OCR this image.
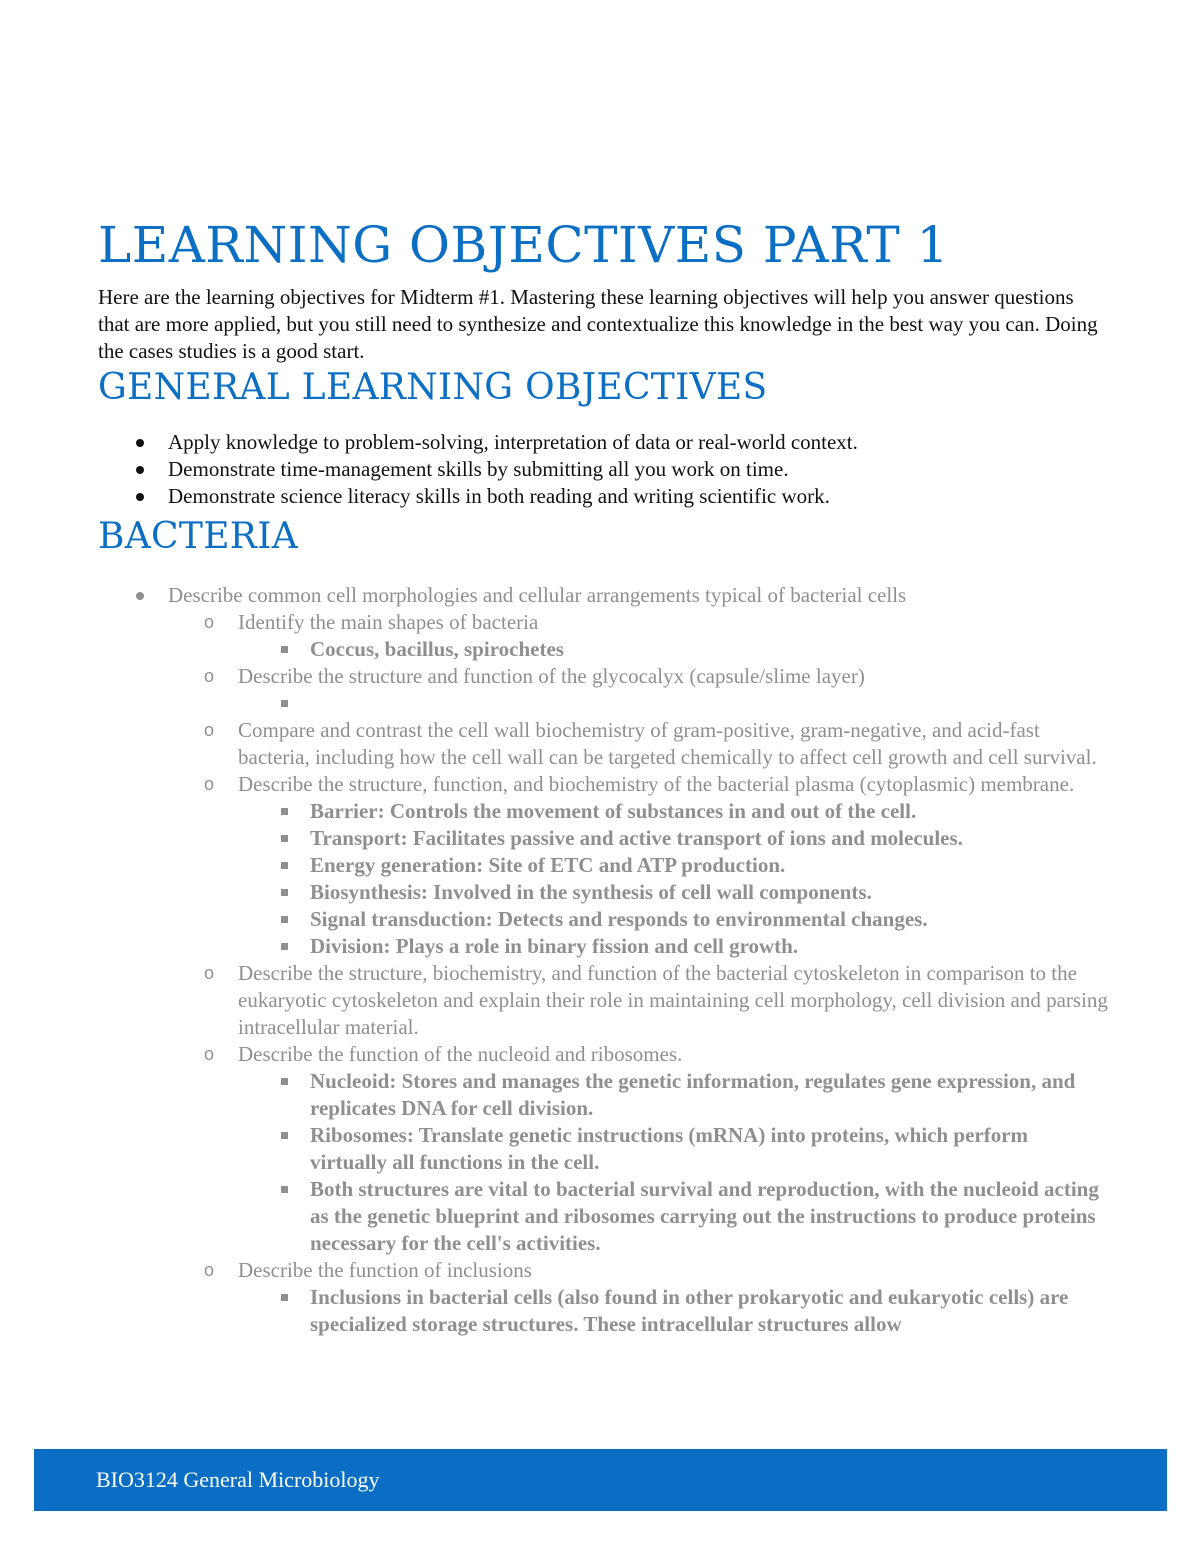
LEARNING OBJECTIVES PART 1

Here are the learning objectives for Midterm #1. Mastering these learning objectives will help you answer questions that are more applied, but you still need to synthesize and contextualize this knowledge in the best way you can. Doing the cases studies is a good start.

GENERAL LEARNING OBJECTIVES
Apply knowledge to problem-solving, interpretation of data or real-world context.
Demonstrate time-management skills by submitting all you work on time.
Demonstrate science literacy skills in both reading and writing scientific work.
BACTERIA
Describe common cell morphologies and cellular arrangements typical of bacterial cells
o Identify the main shapes of bacteria
Coccus, bacillus, spirochetes
o Describe the structure and function of the glycocalyx (capsule/slime layer)
o Compare and contrast the cell wall biochemistry of gram-positive, gram-negative, and acid-fast bacteria, including how the cell wall can be targeted chemically to affect cell growth and cell survival.
o Describe the structure, function, and biochemistry of the bacterial plasma (cytoplasmic) membrane.
Barrier: Controls the movement of substances in and out of the cell.
Transport: Facilitates passive and active transport of ions and molecules.
Energy generation: Site of ETC and ATP production.
Biosynthesis: Involved in the synthesis of cell wall components.
Signal transduction: Detects and responds to environmental changes.
Division: Plays a role in binary fission and cell growth.
o Describe the structure, biochemistry, and function of the bacterial cytoskeleton in comparison to the eukaryotic cytoskeleton and explain their role in maintaining cell morphology, cell division and parsing intracellular material.
o Describe the function of the nucleoid and ribosomes.
Nucleoid: Stores and manages the genetic information, regulates gene expression, and replicates DNA for cell division.
Ribosomes: Translate genetic instructions (mRNA) into proteins, which perform virtually all functions in the cell.
Both structures are vital to bacterial survival and reproduction, with the nucleoid acting as the genetic blueprint and ribosomes carrying out the instructions to produce proteins necessary for the cell's activities.
o Describe the function of inclusions
Inclusions in bacterial cells (also found in other prokaryotic and eukaryotic cells) are specialized storage structures. These intracellular structures allow
BIO3124 General Microbiology
